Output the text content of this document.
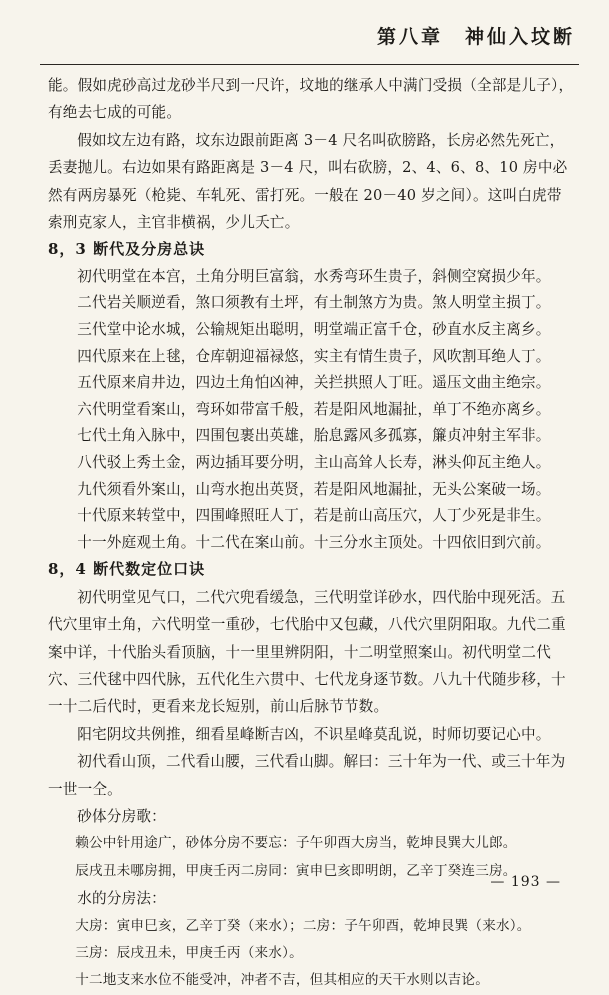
第八章　神仙入坟断

能。假如虎砂高过龙砂半尺到一尺许，坟地的继承人中满门受损（全部是儿子），有绝去七成的可能。

假如坟左边有路，坟东边跟前距离 3－4 尺名叫砍膀路，长房必然先死亡，丢妻抛儿。右边如果有路距离是 3－4 尺，叫右砍膀，2、4、6、8、10 房中必然有两房暴死（枪毙、车轧死、雷打死。一般在 20－40 岁之间）。这叫白虎带索刑克家人，主官非横祸，少儿夭亡。

8，3 断代及分房总诀

初代明堂在本宫，土角分明巨富翁，水秀弯环生贵子，斜侧空窝损少年。
二代岩关顺逆看，煞口须教有土坪，有土制煞方为贵。煞人明堂主损丁。
三代堂中论水城，公输规矩出聪明，明堂端正富千仓，砂直水反主离乡。
四代原来在上毬，仓库朝迎福禄悠，实主有情生贵子，风吹割耳绝人丁。
五代原来肩井边，四边土角怕凶神，关拦拱照人丁旺。遥压文曲主绝宗。
六代明堂看案山，弯环如带富千般，若是阳风地漏扯，单丁不绝亦离乡。
七代土角入脉中，四围包裹出英雄，胎息露风多孤寡，簾贞冲射主军非。
八代驳上秀土金，两边插耳要分明，主山高耸人长寿，淋头仰瓦主绝人。
九代须看外案山，山弯水抱出英贤，若是阳风地漏扯，无头公案破一场。
十代原来转堂中，四围峰照旺人丁，若是前山高压穴，人丁少死是非生。
十一外庭观土角。十二代在案山前。十三分水主顶处。十四依旧到穴前。

8，4 断代数定位口诀

初代明堂见气口，二代穴兜看缓急，三代明堂详砂水，四代胎中现死活。五代穴里审土角，六代明堂一重砂，七代胎中又包藏，八代穴里阴阳取。九代二重案中详，十代胎头看顶脑，十一里里辨阴阳，十二明堂照案山。初代明堂二代穴、三代毬中四代脉，五代化生六贯中、七代龙身逐节数。八九十代随步移，十一十二后代时，更看来龙长短别，前山后脉节节数。

阳宅阴坟共例推，细看星峰断吉凶，不识星峰莫乱说，时师切要记心中。

初代看山顶，二代看山腰，三代看山脚。解曰：三十年为一代、或三十年为一世一仝。

砂体分房歌：

赖公中针用途广，砂体分房不要忘：子午卯酉大房当，乾坤艮巽大儿郎。

辰戌丑未哪房拥，甲庚壬丙二房同：寅申巳亥即明朗，乙辛丁癸连三房。

水的分房法：

大房：寅申巳亥，乙辛丁癸（来水）；二房：子午卯酉，乾坤艮巽（来水）。

三房：辰戌丑未，甲庚壬丙（来水）。

十二地支来水位不能受冲，冲者不吉，但其相应的天干水则以吉论。

— 193 —
